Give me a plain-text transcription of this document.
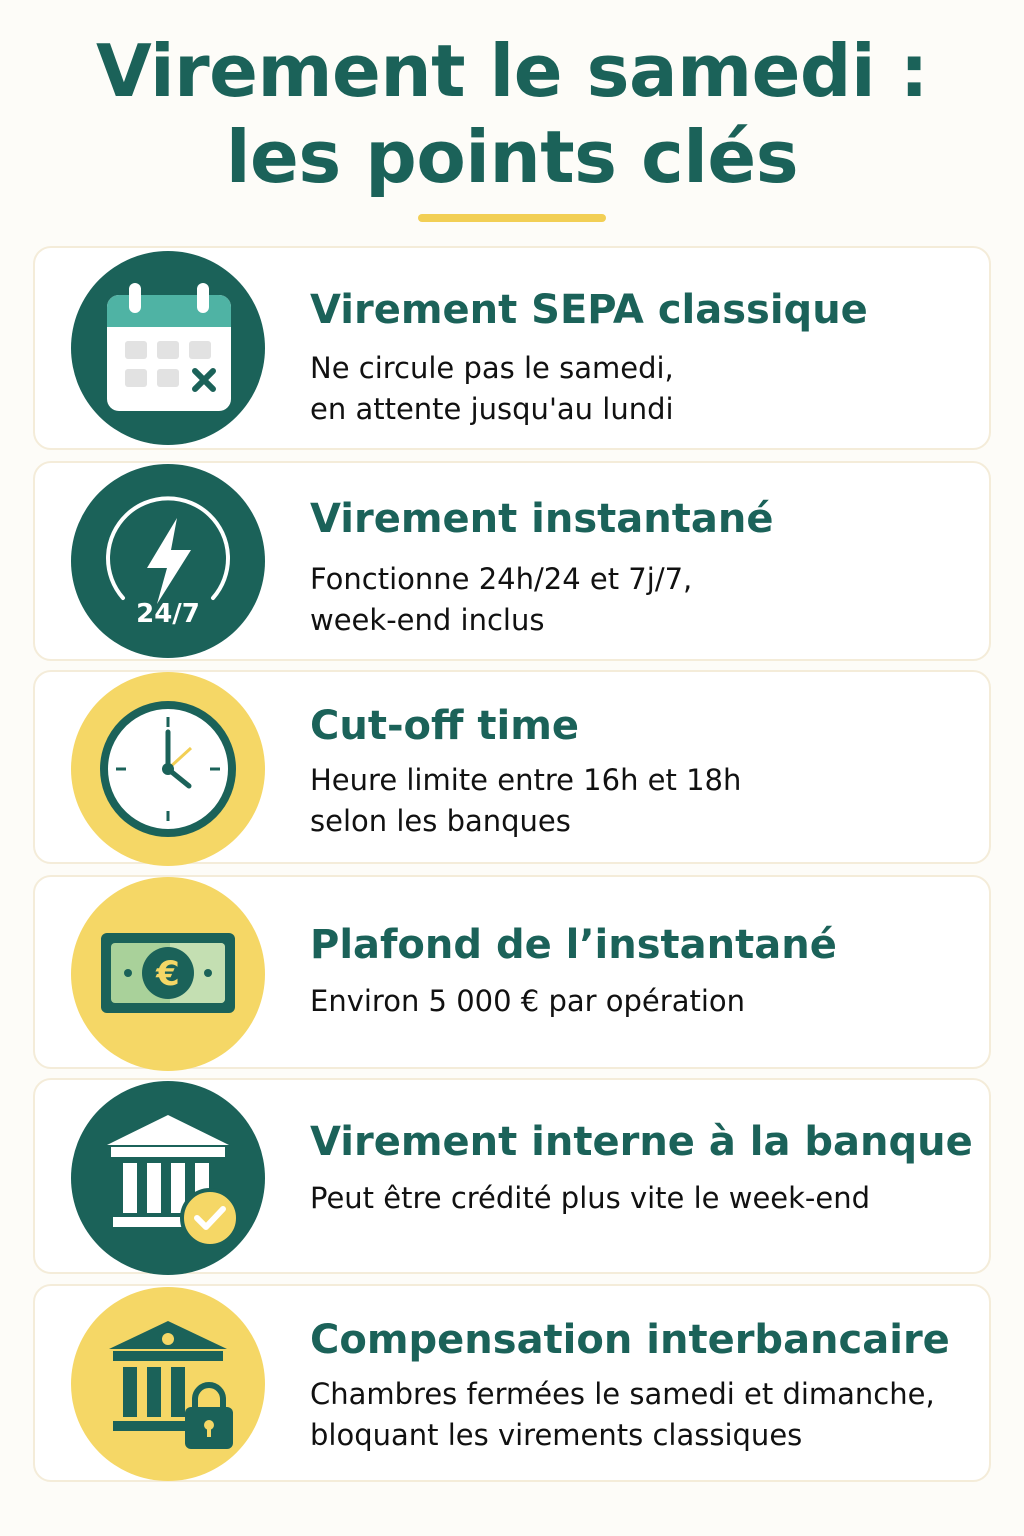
Virement le samedi :
les points clés
Virement SEPA classique
Ne circule pas le samedi,
en attente jusqu'au lundi
24/7
Virement instantané
Fonctionne 24h/24 et 7j/7,
week-end inclus
Cut-off time
Heure limite entre 16h et 18h
selon les banques
€
Plafond de l’instantané
Environ 5 000 € par opération
Virement interne à la banque
Peut être crédité plus vite le week-end
Compensation interbancaire
Chambres fermées le samedi et dimanche,
bloquant les virements classiques
